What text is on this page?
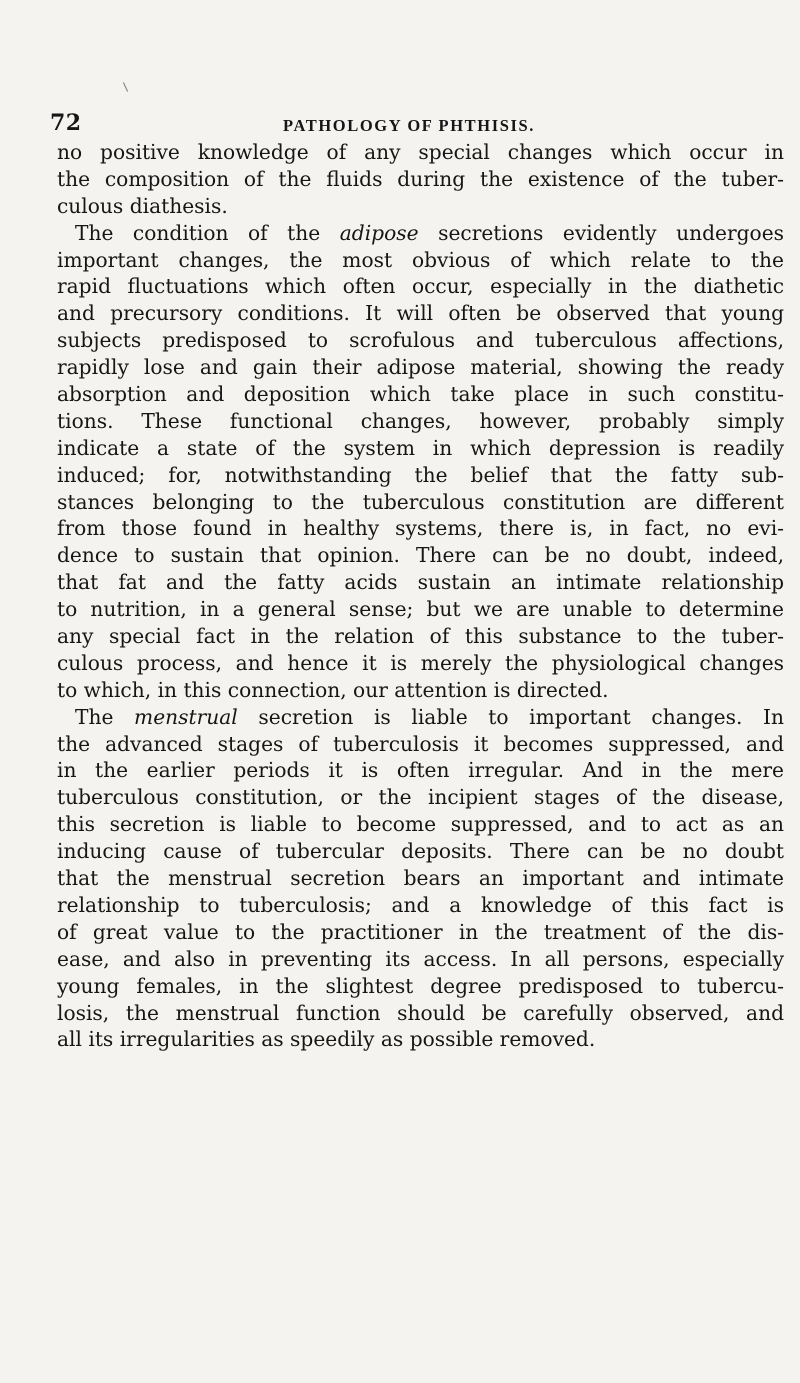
72	PATHOLOGY OF PHTHISIS.
no positive knowledge of any special changes which occur in
the composition of the fluids during the existence of the tuber-
culous diathesis.
The condition of the adipose secretions evidently undergoes
important changes, the most obvious of which relate to the
rapid fluctuations which often occur, especially in the diathetic
and precursory conditions. It will often be observed that young
subjects predisposed to scrofulous and tuberculous affections,
rapidly lose and gain their adipose material, showing the ready
absorption and deposition which take place in such constitu-
tions. These functional changes, however, probably simply
indicate a state of the system in which depression is readily
induced; for, notwithstanding the belief that the fatty sub-
stances belonging to the tuberculous constitution are different
from those found in healthy systems, there is, in fact, no evi-
dence to sustain that opinion. There can be no doubt, indeed,
that fat and the fatty acids sustain an intimate relationship
to nutrition, in a general sense; but we are unable to determine
any special fact in the relation of this substance to the tuber-
culous process, and hence it is merely the physiological changes
to which, in this connection, our attention is directed.
The menstrual secretion is liable to important changes. In
the advanced stages of tuberculosis it becomes suppressed, and
in the earlier periods it is often irregular. And in the mere
tuberculous constitution, or the incipient stages of the disease,
this secretion is liable to become suppressed, and to act as an
inducing cause of tubercular deposits. There can be no doubt
that the menstrual secretion bears an important and intimate
relationship to tuberculosis; and a knowledge of this fact is
of great value to the practitioner in the treatment of the dis-
ease, and also in preventing its access. In all persons, especially
young females, in the slightest degree predisposed to tubercu-
losis, the menstrual function should be carefully observed, and
all its irregularities as speedily as possible removed.
